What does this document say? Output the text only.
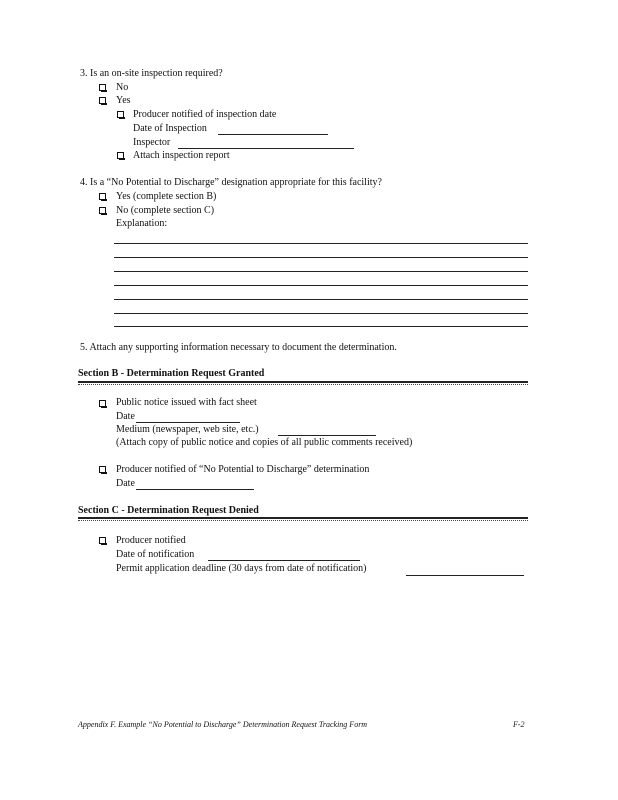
3. Is an on-site inspection required?
No
Yes
Producer notified of inspection date
Date of Inspection
Inspector
Attach inspection report
4. Is a “No Potential to Discharge” designation appropriate for this facility?
Yes (complete section B)
No (complete section C)
Explanation:
5. Attach any supporting information necessary to document the determination.
Section B - Determination Request Granted
Public notice issued with fact sheet
Date
Medium (newspaper, web site, etc.)
(Attach copy of public notice and copies of all public comments received)
Producer notified of “No Potential to Discharge” determination
Date
Section C - Determination Request Denied
Producer notified
Date of notification
Permit application deadline (30 days from date of notification)
Appendix F. Example “No Potential to Discharge” Determination Request Tracking Form	F-2
